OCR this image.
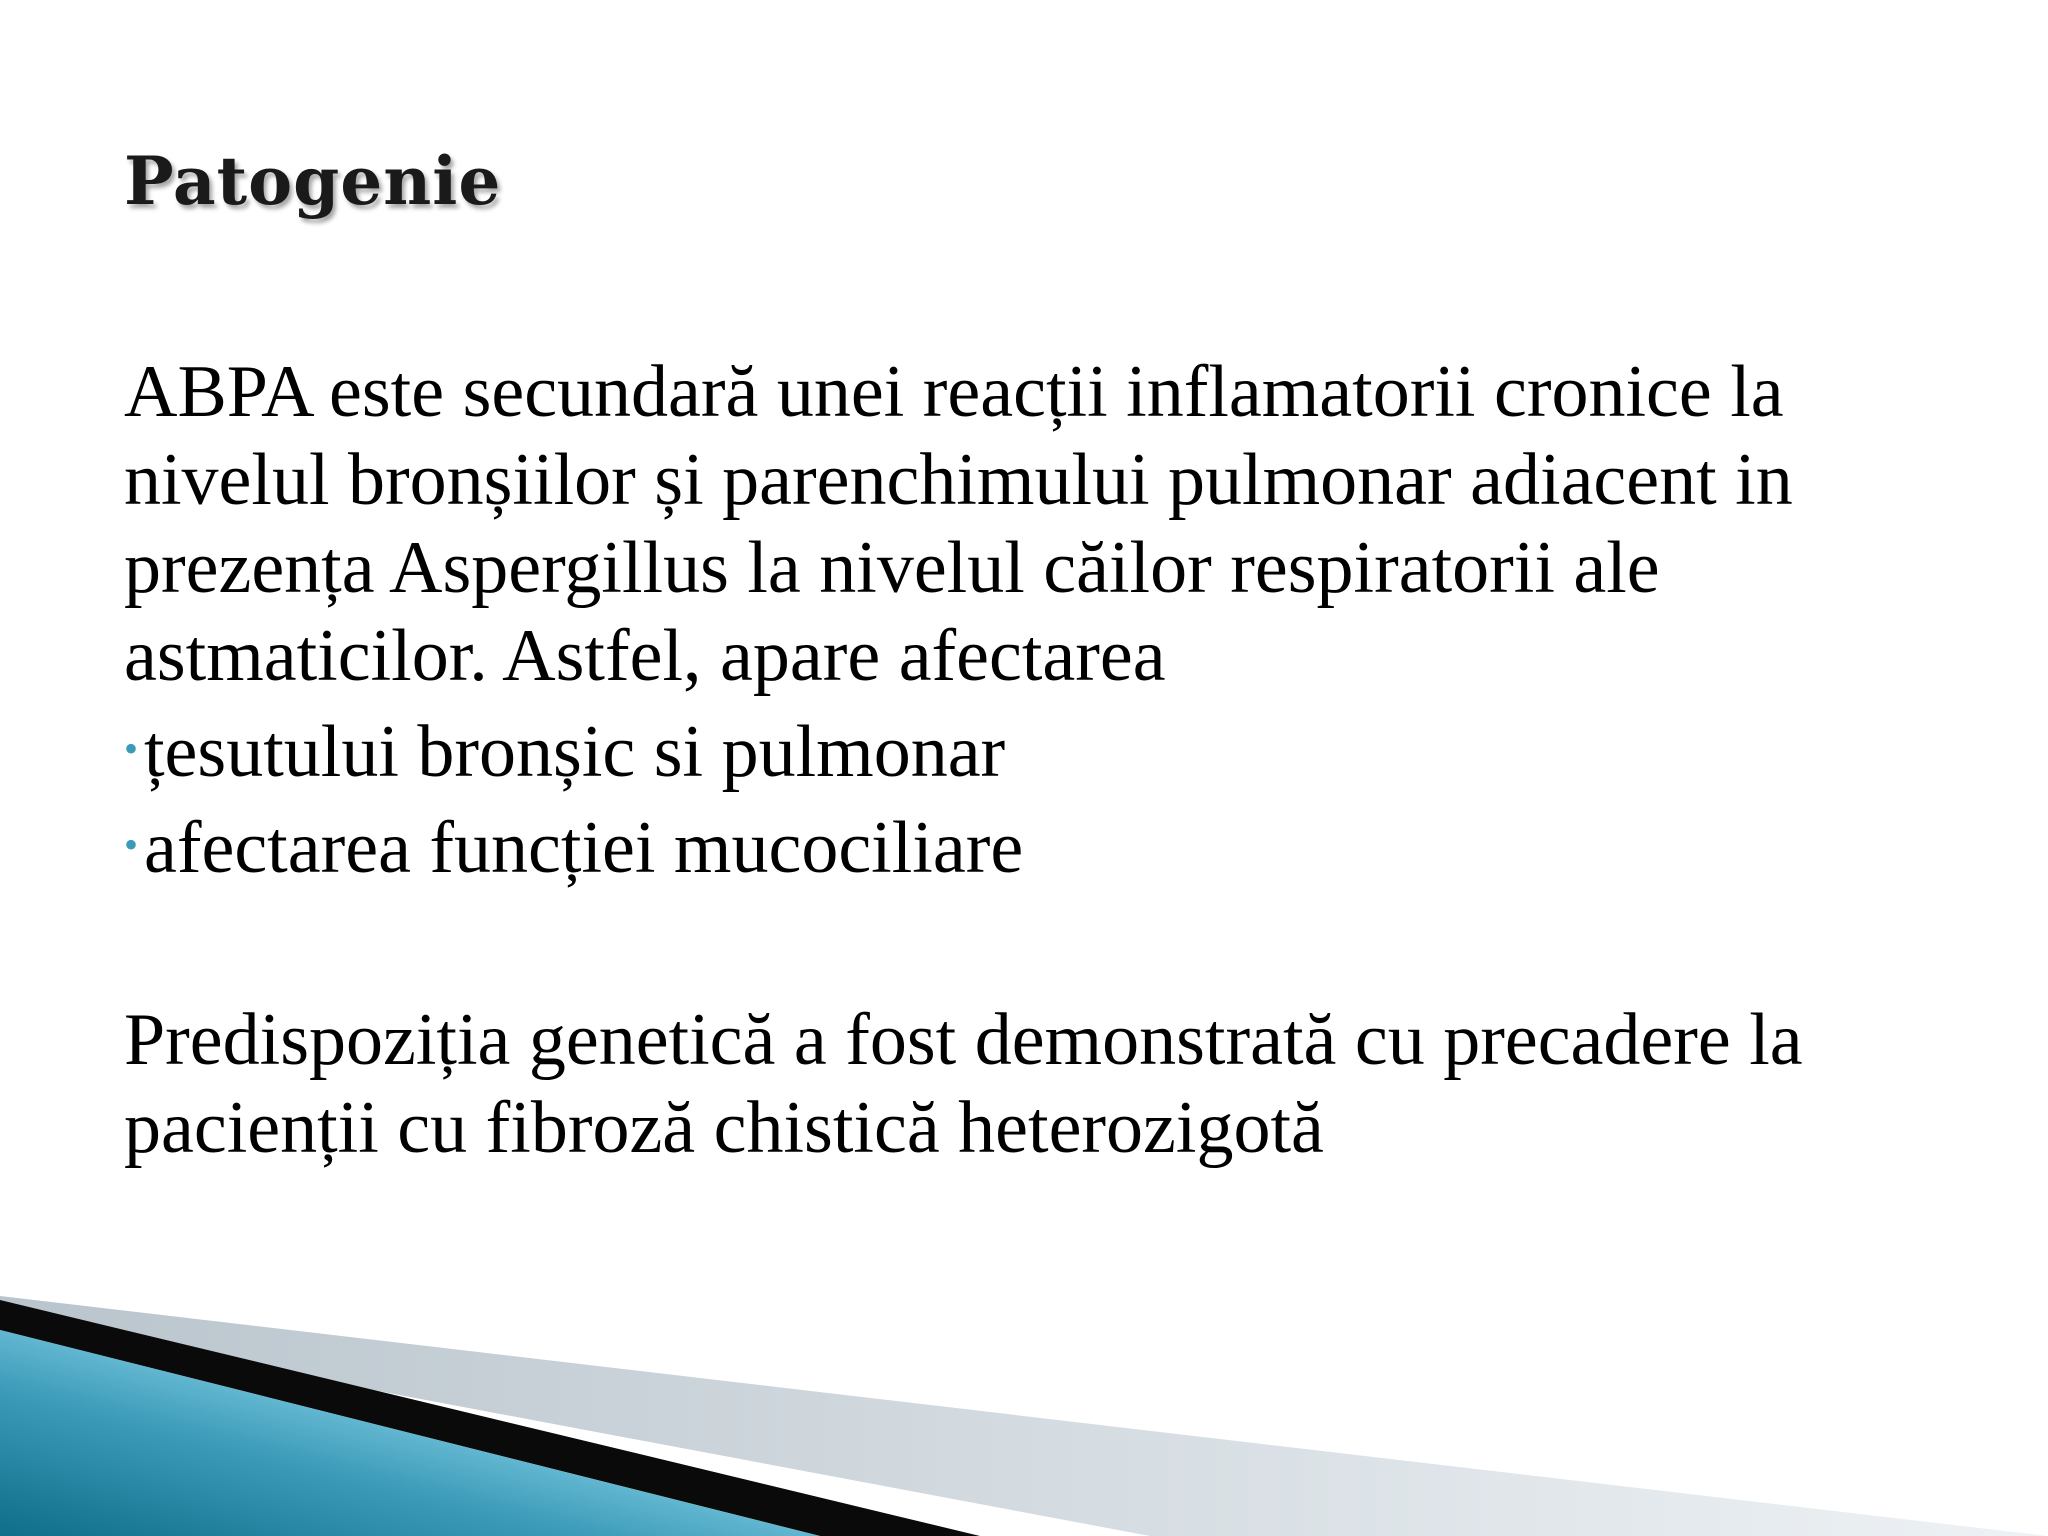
Patogenie

ABPA este secundară unei reacții inflamatorii cronice la nivelul bronșiilor și parenchimului pulmonar adiacent in prezența Aspergillus la nivelul căilor respiratorii ale astmaticilor. Astfel, apare afectarea

• țesutului bronșic si pulmonar
• afectarea funcției mucociliare

Predispoziția genetică a fost demonstrată cu precadere la pacienții cu fibroză chistică heterozigotă
